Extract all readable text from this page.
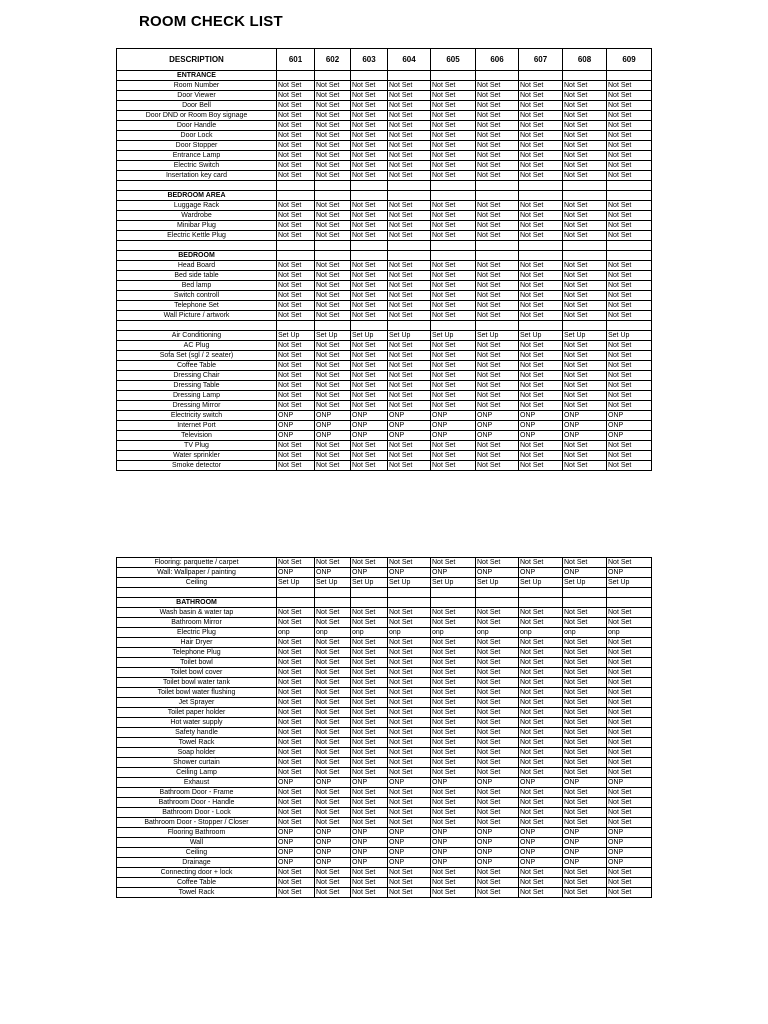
ROOM CHECK LIST
DESCRIPTION	601	602	603	604	605	606	607	608	609
ENTRANCE									
Room Number	Not Set	Not Set	Not Set	Not Set	Not Set	Not Set	Not Set	Not Set	Not Set
Door Viewer	Not Set	Not Set	Not Set	Not Set	Not Set	Not Set	Not Set	Not Set	Not Set
Door Bell	Not Set	Not Set	Not Set	Not Set	Not Set	Not Set	Not Set	Not Set	Not Set
Door DND or Room Boy signage	Not Set	Not Set	Not Set	Not Set	Not Set	Not Set	Not Set	Not Set	Not Set
Door Handle	Not Set	Not Set	Not Set	Not Set	Not Set	Not Set	Not Set	Not Set	Not Set
Door Lock	Not Set	Not Set	Not Set	Not Set	Not Set	Not Set	Not Set	Not Set	Not Set
Door Stopper	Not Set	Not Set	Not Set	Not Set	Not Set	Not Set	Not Set	Not Set	Not Set
Entrance Lamp	Not Set	Not Set	Not Set	Not Set	Not Set	Not Set	Not Set	Not Set	Not Set
Electric Switch	Not Set	Not Set	Not Set	Not Set	Not Set	Not Set	Not Set	Not Set	Not Set
Insertation key card	Not Set	Not Set	Not Set	Not Set	Not Set	Not Set	Not Set	Not Set	Not Set

BEDROOM AREA									
Luggage Rack	Not Set	Not Set	Not Set	Not Set	Not Set	Not Set	Not Set	Not Set	Not Set
Wardrobe	Not Set	Not Set	Not Set	Not Set	Not Set	Not Set	Not Set	Not Set	Not Set
Minibar Plug	Not Set	Not Set	Not Set	Not Set	Not Set	Not Set	Not Set	Not Set	Not Set
Electric Kettle Plug	Not Set	Not Set	Not Set	Not Set	Not Set	Not Set	Not Set	Not Set	Not Set

BEDROOM									
Head Board	Not Set	Not Set	Not Set	Not Set	Not Set	Not Set	Not Set	Not Set	Not Set
Bed side table	Not Set	Not Set	Not Set	Not Set	Not Set	Not Set	Not Set	Not Set	Not Set
Bed lamp	Not Set	Not Set	Not Set	Not Set	Not Set	Not Set	Not Set	Not Set	Not Set
Switch controll	Not Set	Not Set	Not Set	Not Set	Not Set	Not Set	Not Set	Not Set	Not Set
Telephone Set	Not Set	Not Set	Not Set	Not Set	Not Set	Not Set	Not Set	Not Set	Not Set
Wall Picture / artwork	Not Set	Not Set	Not Set	Not Set	Not Set	Not Set	Not Set	Not Set	Not Set

Air Conditioning	Set Up	Set Up	Set Up	Set Up	Set Up	Set Up	Set Up	Set Up	Set Up
AC Plug	Not Set	Not Set	Not Set	Not Set	Not Set	Not Set	Not Set	Not Set	Not Set
Sofa Set (sgl / 2 seater)	Not Set	Not Set	Not Set	Not Set	Not Set	Not Set	Not Set	Not Set	Not Set
Coffee Table	Not Set	Not Set	Not Set	Not Set	Not Set	Not Set	Not Set	Not Set	Not Set
Dressing Chair	Not Set	Not Set	Not Set	Not Set	Not Set	Not Set	Not Set	Not Set	Not Set
Dressing Table	Not Set	Not Set	Not Set	Not Set	Not Set	Not Set	Not Set	Not Set	Not Set
Dressing Lamp	Not Set	Not Set	Not Set	Not Set	Not Set	Not Set	Not Set	Not Set	Not Set
Dressing Mirror	Not Set	Not Set	Not Set	Not Set	Not Set	Not Set	Not Set	Not Set	Not Set
Electricity switch	ONP	ONP	ONP	ONP	ONP	ONP	ONP	ONP	ONP
Internet Port	ONP	ONP	ONP	ONP	ONP	ONP	ONP	ONP	ONP
Television	ONP	ONP	ONP	ONP	ONP	ONP	ONP	ONP	ONP
TV Plug	Not Set	Not Set	Not Set	Not Set	Not Set	Not Set	Not Set	Not Set	Not Set
Water sprinkler	Not Set	Not Set	Not Set	Not Set	Not Set	Not Set	Not Set	Not Set	Not Set
Smoke detector	Not Set	Not Set	Not Set	Not Set	Not Set	Not Set	Not Set	Not Set	Not Set
Flooring: parquette / carpet	Not Set	Not Set	Not Set	Not Set	Not Set	Not Set	Not Set	Not Set	Not Set
Wall: Wallpaper / painting	ONP	ONP	ONP	ONP	ONP	ONP	ONP	ONP	ONP
Ceiling	Set Up	Set Up	Set Up	Set Up	Set Up	Set Up	Set Up	Set Up	Set Up

BATHROOM									
Wash basin & water tap	Not Set	Not Set	Not Set	Not Set	Not Set	Not Set	Not Set	Not Set	Not Set
Bathroom Mirror	Not Set	Not Set	Not Set	Not Set	Not Set	Not Set	Not Set	Not Set	Not Set
Electric Plug	onp	onp	onp	onp	onp	onp	onp	onp	onp
Hair Dryer	Not Set	Not Set	Not Set	Not Set	Not Set	Not Set	Not Set	Not Set	Not Set
Telephone Plug	Not Set	Not Set	Not Set	Not Set	Not Set	Not Set	Not Set	Not Set	Not Set
Toilet bowl	Not Set	Not Set	Not Set	Not Set	Not Set	Not Set	Not Set	Not Set	Not Set
Toilet bowl cover	Not Set	Not Set	Not Set	Not Set	Not Set	Not Set	Not Set	Not Set	Not Set
Toilet bowl water tank	Not Set	Not Set	Not Set	Not Set	Not Set	Not Set	Not Set	Not Set	Not Set
Toilet bowl water flushing	Not Set	Not Set	Not Set	Not Set	Not Set	Not Set	Not Set	Not Set	Not Set
Jet Sprayer	Not Set	Not Set	Not Set	Not Set	Not Set	Not Set	Not Set	Not Set	Not Set
Toilet paper holder	Not Set	Not Set	Not Set	Not Set	Not Set	Not Set	Not Set	Not Set	Not Set
Hot water supply	Not Set	Not Set	Not Set	Not Set	Not Set	Not Set	Not Set	Not Set	Not Set
Safety handle	Not Set	Not Set	Not Set	Not Set	Not Set	Not Set	Not Set	Not Set	Not Set
Towel Rack	Not Set	Not Set	Not Set	Not Set	Not Set	Not Set	Not Set	Not Set	Not Set
Soap holder	Not Set	Not Set	Not Set	Not Set	Not Set	Not Set	Not Set	Not Set	Not Set
Shower curtain	Not Set	Not Set	Not Set	Not Set	Not Set	Not Set	Not Set	Not Set	Not Set
Ceiling Lamp	Not Set	Not Set	Not Set	Not Set	Not Set	Not Set	Not Set	Not Set	Not Set
Exhaust	ONP	ONP	ONP	ONP	ONP	ONP	ONP	ONP	ONP
Bathroom Door - Frame	Not Set	Not Set	Not Set	Not Set	Not Set	Not Set	Not Set	Not Set	Not Set
Bathroom Door - Handle	Not Set	Not Set	Not Set	Not Set	Not Set	Not Set	Not Set	Not Set	Not Set
Bathroom Door - Lock	Not Set	Not Set	Not Set	Not Set	Not Set	Not Set	Not Set	Not Set	Not Set
Bathroom Door - Stopper / Closer	Not Set	Not Set	Not Set	Not Set	Not Set	Not Set	Not Set	Not Set	Not Set
Flooring Bathroom	ONP	ONP	ONP	ONP	ONP	ONP	ONP	ONP	ONP
Wall	ONP	ONP	ONP	ONP	ONP	ONP	ONP	ONP	ONP
Ceiling	ONP	ONP	ONP	ONP	ONP	ONP	ONP	ONP	ONP
Drainage	ONP	ONP	ONP	ONP	ONP	ONP	ONP	ONP	ONP
Connecting door + lock	Not Set	Not Set	Not Set	Not Set	Not Set	Not Set	Not Set	Not Set	Not Set
Coffee Table	Not Set	Not Set	Not Set	Not Set	Not Set	Not Set	Not Set	Not Set	Not Set
Towel Rack	Not Set	Not Set	Not Set	Not Set	Not Set	Not Set	Not Set	Not Set	Not Set
